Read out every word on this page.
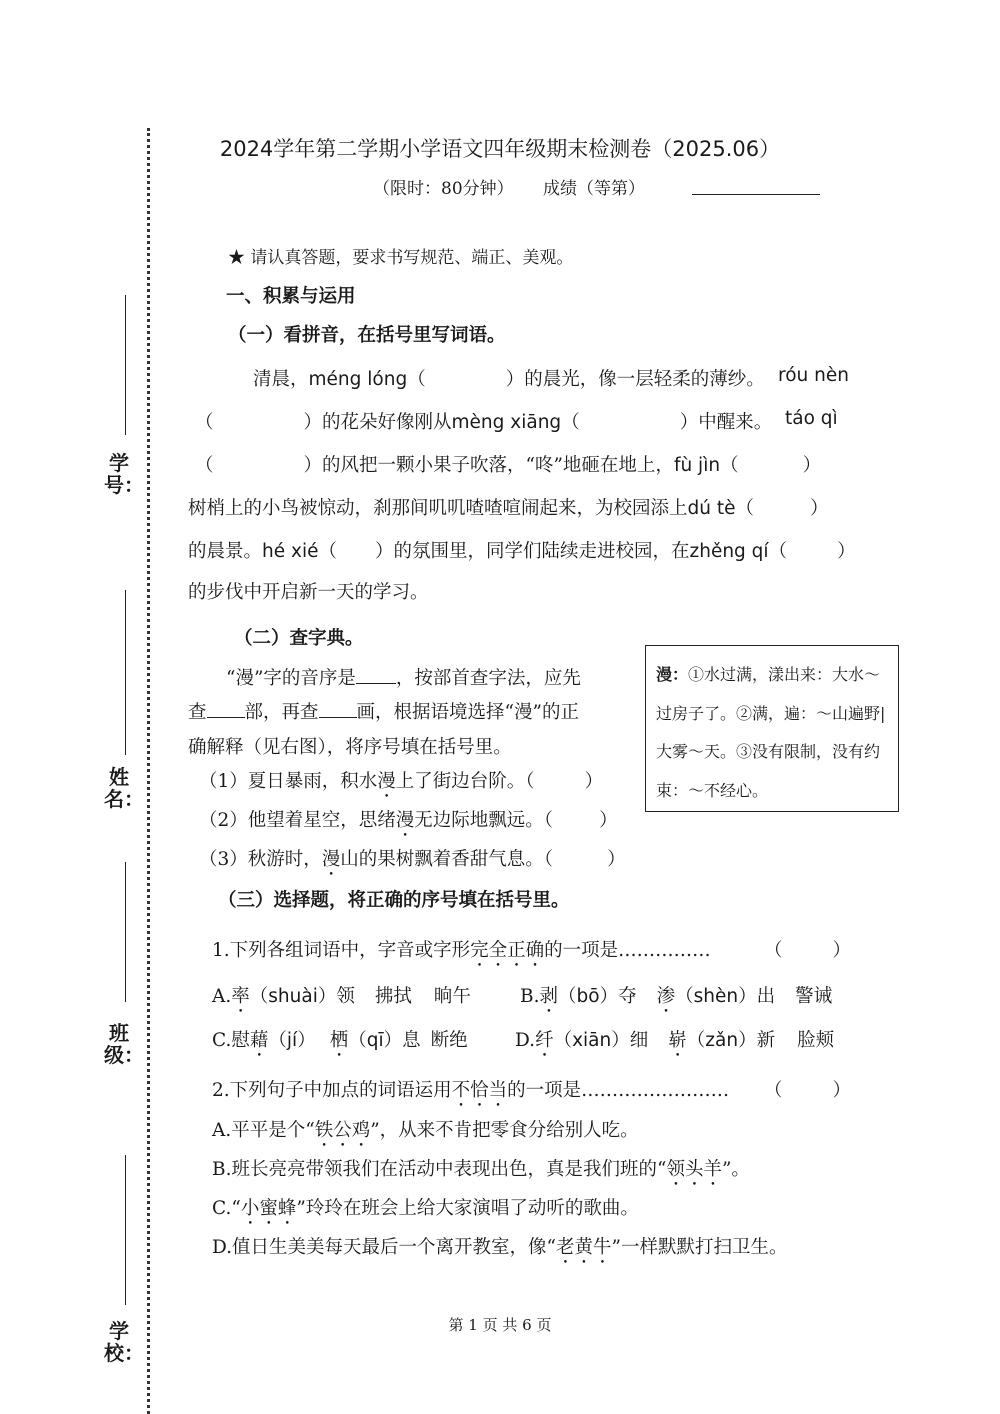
学号：
姓名：
班级：
学校：
2024学年第二学期小学语文四年级期末检测卷（2025.06）
（限时：80分钟） 成绩（等第）
★ 请认真答题，要求书写规范、端正、美观。
一、积累与运用
（一）看拼音，在括号里写词语。
清晨，méng lóng（	）的晨光，像一层轻柔的薄纱。 róu nèn
（	）的花朵好像刚从mèng xiāng（	）中醒来。 táo qì
（	）的风把一颗小果子吹落，“咚”地砸在地上，fù jìn（	）
树梢上的小鸟被惊动，刹那间叽叽喳喳喧闹起来，为校园添上dú tè（	）
的晨景。hé xié（ ）的氛围里，同学们陆续走进校园，在zhěng qí（	）
的步伐中开启新一天的学习。
（二）查字典。
“漫”字的音序是 ，按部首查字法，应先
查 部，再查 画，根据语境选择“漫”的正
确解释（见右图），将序号填在括号里。
（1）夏日暴雨，积水漫上了街边台阶。（	）
（2）他望着星空，思绪漫无边际地飘远。（ ）
（3）秋游时，漫山的果树飘着香甜气息。（	）
漫：①水过满，漾出来：大水～过房子了。②满，遍：～山遍野|大雾～天。③没有限制，没有约束：～不经心。
（三）选择题，将正确的序号填在括号里。
1.下列各组词语中，字音或字形完全正确的一项是……………	（	）
A.率（shuài）领 拂拭 晌午	B.剥（bō）夺 渗（shèn）出 警诫
C.慰藉（jí） 栖（qī）息 断绝	D.纤（xiān）细 崭（zǎn）新 脸颊
2.下列句子中加点的词语运用不恰当的一项是…………………… （	）
A.平平是个“铁公鸡”，从来不肯把零食分给别人吃。
B.班长亮亮带领我们在活动中表现出色，真是我们班的“领头羊”。
C.“小蜜蜂”玲玲在班会上给大家演唱了动听的歌曲。
D.值日生美美每天最后一个离开教室，像“老黄牛”一样默默打扫卫生。
第 1 页 共 6 页
